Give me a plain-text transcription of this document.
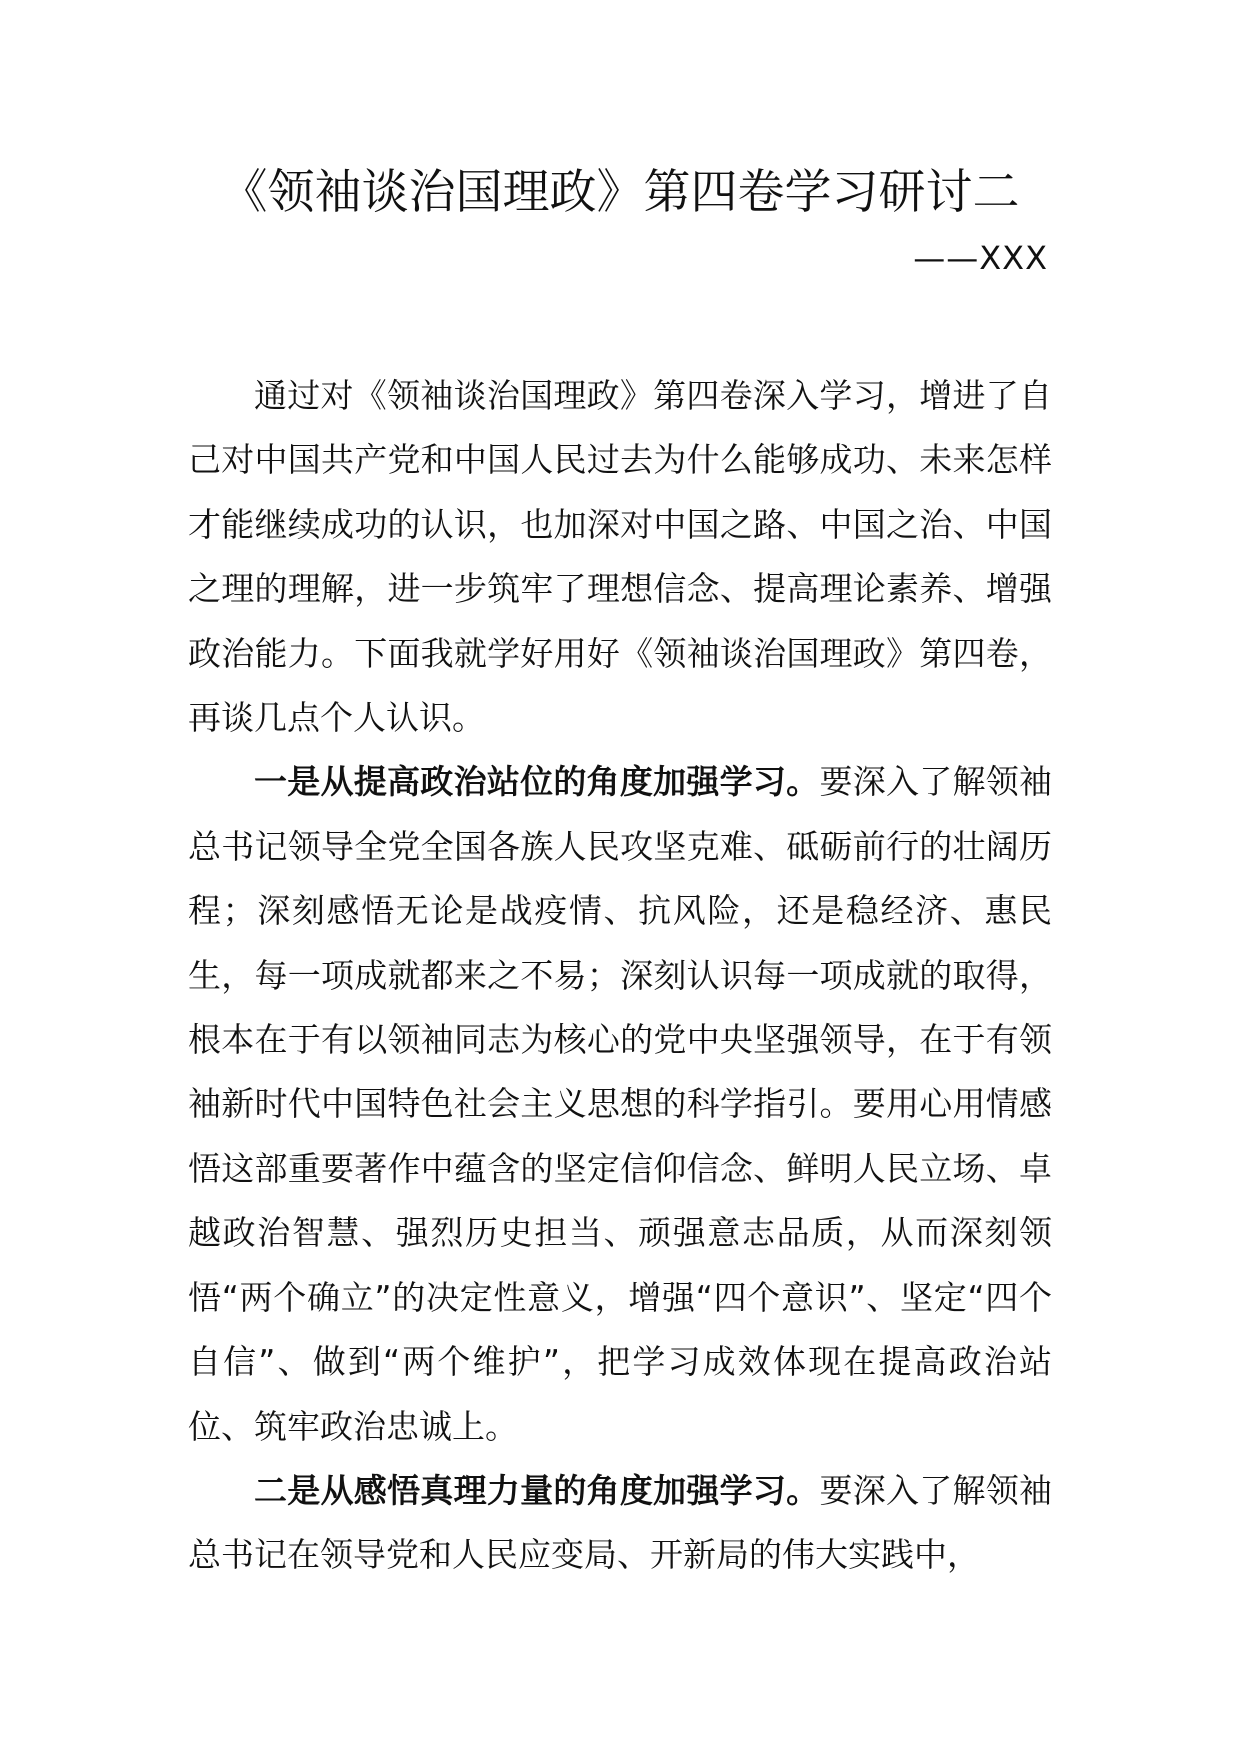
《领袖谈治国理政》第四卷学习研讨二
——XXX

通过对《领袖谈治国理政》第四卷深入学习，增进了自己对中国共产党和中国人民过去为什么能够成功、未来怎样才能继续成功的认识，也加深对中国之路、中国之治、中国之理的理解，进一步筑牢了理想信念、提高理论素养、增强政治能力。下面我就学好用好《领袖谈治国理政》第四卷，再谈几点个人认识。

一是从提高政治站位的角度加强学习。要深入了解领袖总书记领导全党全国各族人民攻坚克难、砥砺前行的壮阔历程；深刻感悟无论是战疫情、抗风险，还是稳经济、惠民生，每一项成就都来之不易；深刻认识每一项成就的取得，根本在于有以领袖同志为核心的党中央坚强领导，在于有领袖新时代中国特色社会主义思想的科学指引。要用心用情感悟这部重要著作中蕴含的坚定信仰信念、鲜明人民立场、卓越政治智慧、强烈历史担当、顽强意志品质，从而深刻领悟“两个确立”的决定性意义，增强“四个意识”、坚定“四个自信”、做到“两个维护”，把学习成效体现在提高政治站位、筑牢政治忠诚上。

二是从感悟真理力量的角度加强学习。要深入了解领袖总书记在领导党和人民应变局、开新局的伟大实践中，
